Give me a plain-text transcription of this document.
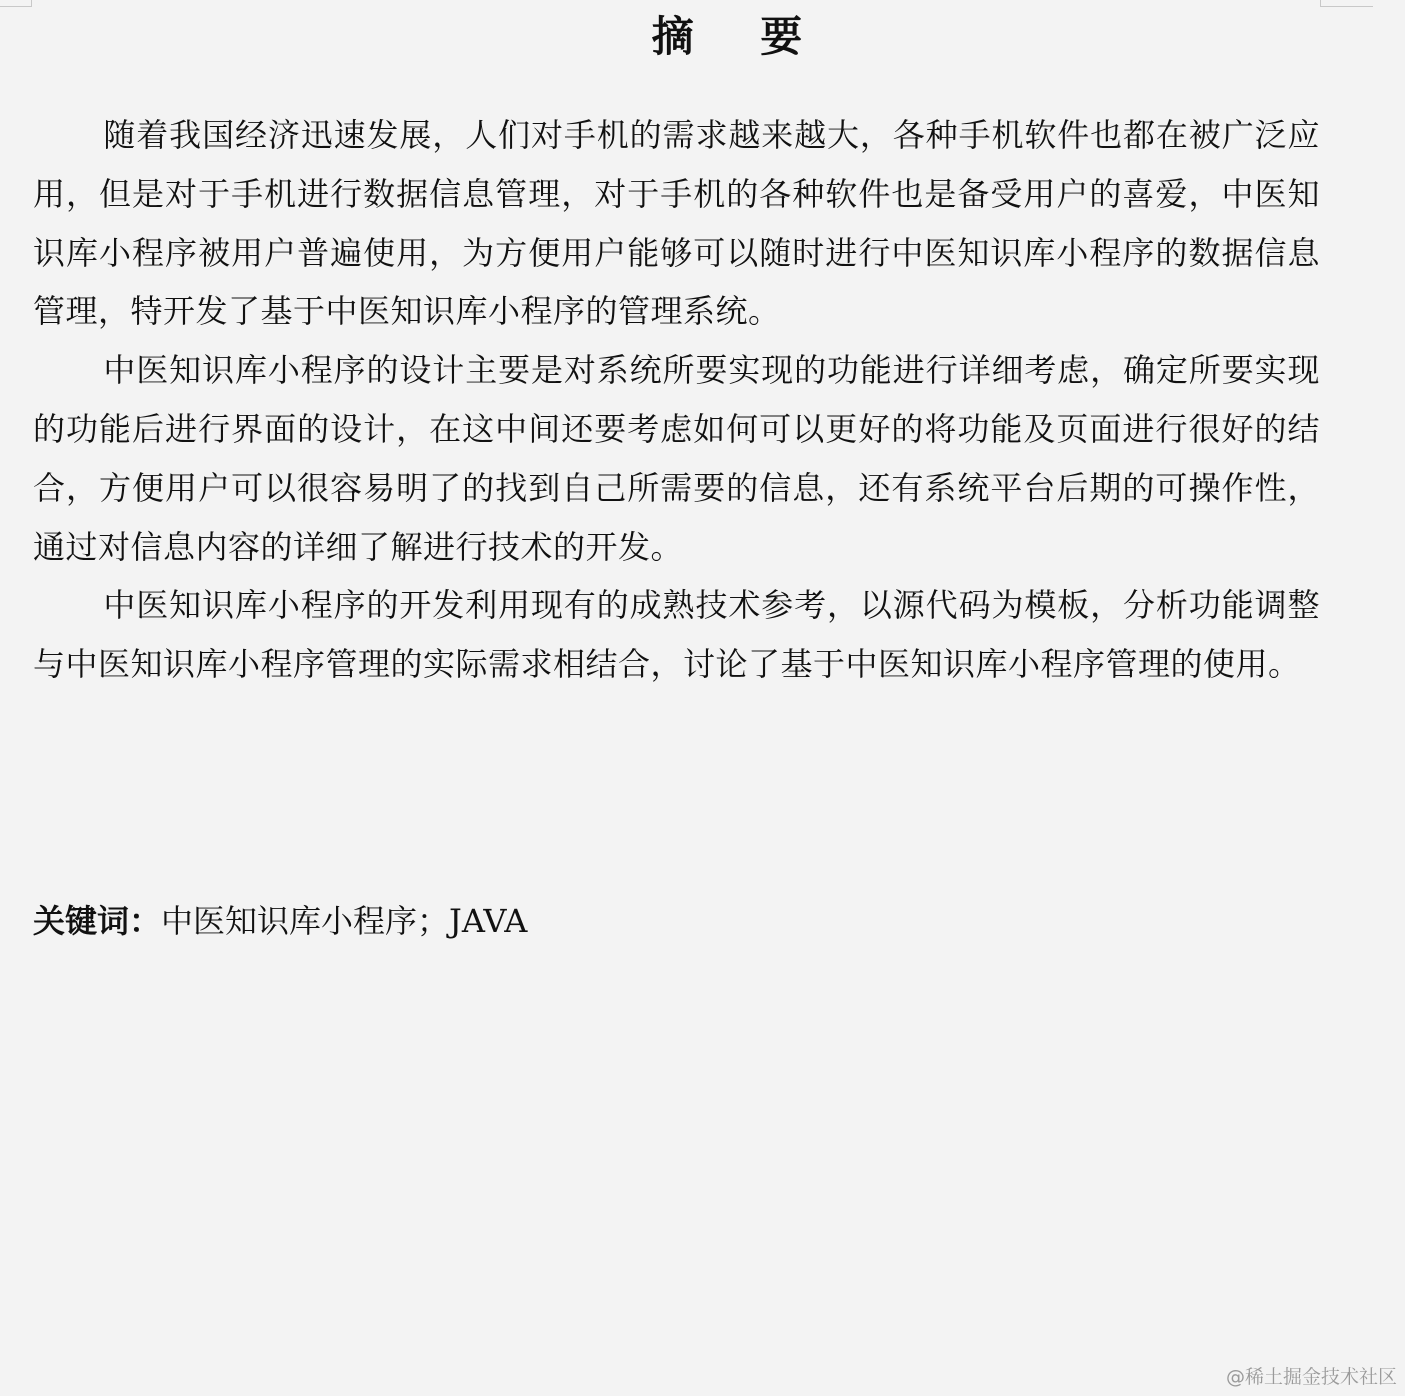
摘 要

随着我国经济迅速发展，人们对手机的需求越来越大，各种手机软件也都在被广泛应用，但是对于手机进行数据信息管理，对于手机的各种软件也是备受用户的喜爱，中医知识库小程序被用户普遍使用，为方便用户能够可以随时进行中医知识库小程序的数据信息管理，特开发了基于中医知识库小程序的管理系统。

中医知识库小程序的设计主要是对系统所要实现的功能进行详细考虑，确定所要实现的功能后进行界面的设计，在这中间还要考虑如何可以更好的将功能及页面进行很好的结合，方便用户可以很容易明了的找到自己所需要的信息，还有系统平台后期的可操作性，通过对信息内容的详细了解进行技术的开发。

中医知识库小程序的开发利用现有的成熟技术参考，以源代码为模板，分析功能调整与中医知识库小程序管理的实际需求相结合，讨论了基于中医知识库小程序管理的使用。

关键词：中医知识库小程序；JAVA
@稀土掘金技术社区
